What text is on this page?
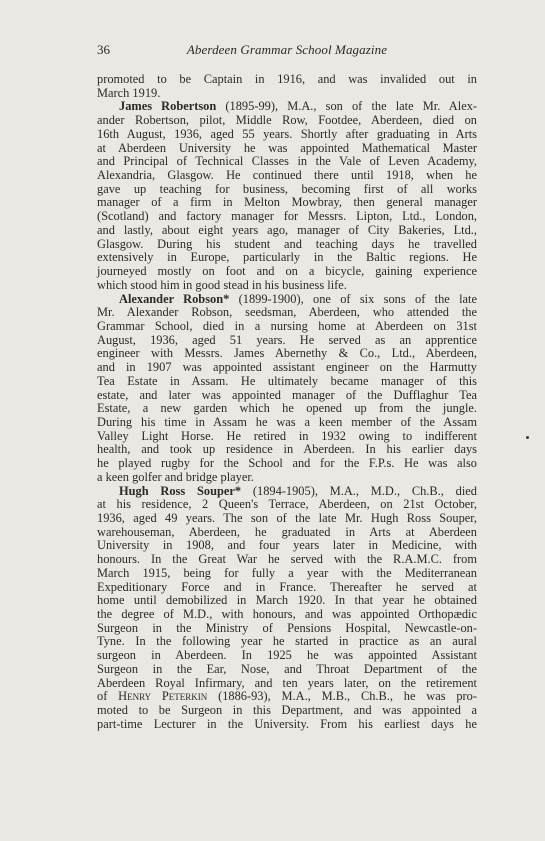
36	Aberdeen Grammar School Magazine
promoted to be Captain in 1916, and was invalided out in
March 1919.
James Robertson (1895-99), M.A., son of the late Mr. Alex-
ander Robertson, pilot, Middle Row, Footdee, Aberdeen, died on
16th August, 1936, aged 55 years. Shortly after graduating in Arts
at Aberdeen University he was appointed Mathematical Master
and Principal of Technical Classes in the Vale of Leven Academy,
Alexandria, Glasgow. He continued there until 1918, when he
gave up teaching for business, becoming first of all works
manager of a firm in Melton Mowbray, then general manager
(Scotland) and factory manager for Messrs. Lipton, Ltd., London,
and lastly, about eight years ago, manager of City Bakeries, Ltd.,
Glasgow. During his student and teaching days he travelled
extensively in Europe, particularly in the Baltic regions. He
journeyed mostly on foot and on a bicycle, gaining experience
which stood him in good stead in his business life.
Alexander Robson* (1899-1900), one of six sons of the late
Mr. Alexander Robson, seedsman, Aberdeen, who attended the
Grammar School, died in a nursing home at Aberdeen on 31st
August, 1936, aged 51 years. He served as an apprentice
engineer with Messrs. James Abernethy & Co., Ltd., Aberdeen,
and in 1907 was appointed assistant engineer on the Harmutty
Tea Estate in Assam. He ultimately became manager of this
estate, and later was appointed manager of the Dufflaghur Tea
Estate, a new garden which he opened up from the jungle.
During his time in Assam he was a keen member of the Assam
Valley Light Horse. He retired in 1932 owing to indifferent
health, and took up residence in Aberdeen. In his earlier days
he played rugby for the School and for the F.P.s. He was also
a keen golfer and bridge player.
Hugh Ross Souper* (1894-1905), M.A., M.D., Ch.B., died
at his residence, 2 Queen's Terrace, Aberdeen, on 21st October,
1936, aged 49 years. The son of the late Mr. Hugh Ross Souper,
warehouseman, Aberdeen, he graduated in Arts at Aberdeen
University in 1908, and four years later in Medicine, with
honours. In the Great War he served with the R.A.M.C. from
March 1915, being for fully a year with the Mediterranean
Expeditionary Force and in France. Thereafter he served at
home until demobilized in March 1920. In that year he obtained
the degree of M.D., with honours, and was appointed Orthopædic
Surgeon in the Ministry of Pensions Hospital, Newcastle-on-
Tyne. In the following year he started in practice as an aural
surgeon in Aberdeen. In 1925 he was appointed Assistant
Surgeon in the Ear, Nose, and Throat Department of the
Aberdeen Royal Infirmary, and ten years later, on the retirement
of Henry Peterkin (1886-93), M.A., M.B., Ch.B., he was pro-
moted to be Surgeon in this Department, and was appointed a
part-time Lecturer in the University. From his earliest days he
